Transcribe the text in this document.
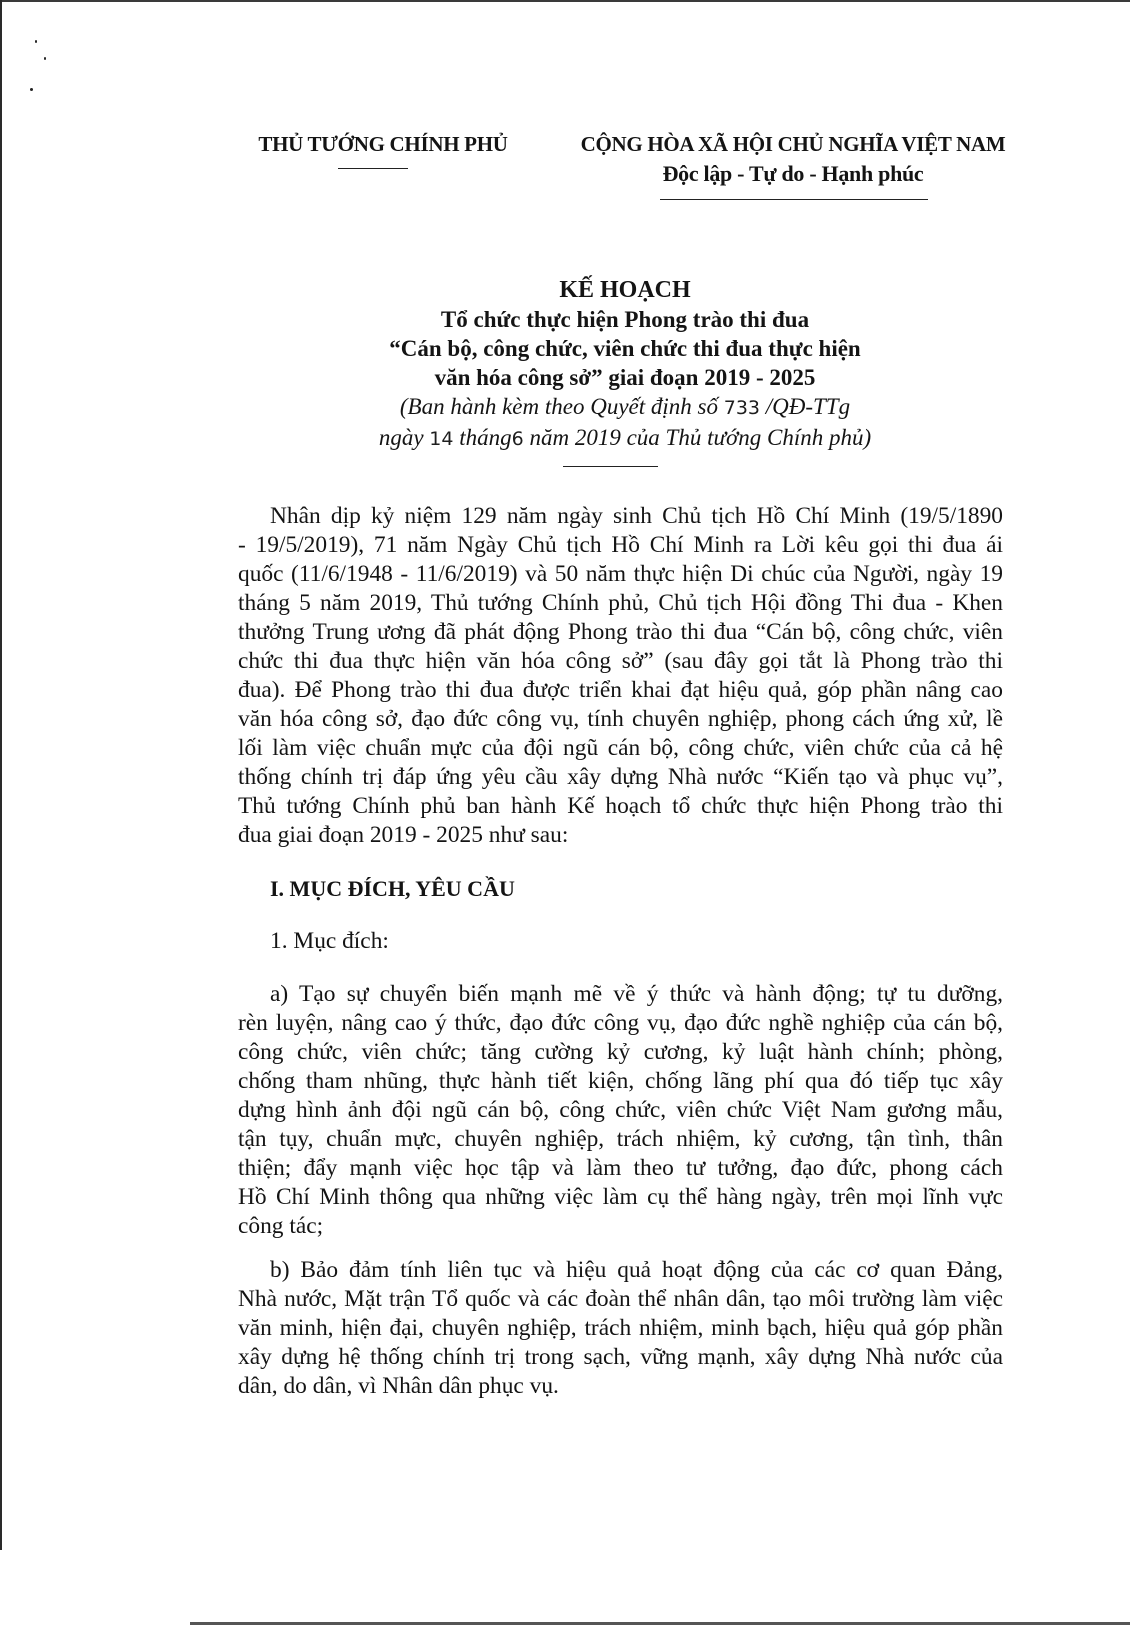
THỦ TƯỚNG CHÍNH PHỦ	CỘNG HÒA XÃ HỘI CHỦ NGHĨA VIỆT NAM
Độc lập - Tự do - Hạnh phúc
KẾ HOẠCH
Tổ chức thực hiện Phong trào thi đua
“Cán bộ, công chức, viên chức thi đua thực hiện
văn hóa công sở” giai đoạn 2019 - 2025
(Ban hành kèm theo Quyết định số 733 /QĐ-TTg
ngày 14 tháng6 năm 2019 của Thủ tướng Chính phủ)
Nhân dịp kỷ niệm 129 năm ngày sinh Chủ tịch Hồ Chí Minh (19/5/1890
- 19/5/2019), 71 năm Ngày Chủ tịch Hồ Chí Minh ra Lời kêu gọi thi đua ái
quốc (11/6/1948 - 11/6/2019) và 50 năm thực hiện Di chúc của Người, ngày 19
tháng 5 năm 2019, Thủ tướng Chính phủ, Chủ tịch Hội đồng Thi đua - Khen
thưởng Trung ương đã phát động Phong trào thi đua “Cán bộ, công chức, viên
chức thi đua thực hiện văn hóa công sở” (sau đây gọi tắt là Phong trào thi
đua). Để Phong trào thi đua được triển khai đạt hiệu quả, góp phần nâng cao
văn hóa công sở, đạo đức công vụ, tính chuyên nghiệp, phong cách ứng xử, lề
lối làm việc chuẩn mực của đội ngũ cán bộ, công chức, viên chức của cả hệ
thống chính trị đáp ứng yêu cầu xây dựng Nhà nước “Kiến tạo và phục vụ”,
Thủ tướng Chính phủ ban hành Kế hoạch tổ chức thực hiện Phong trào thi
đua giai đoạn 2019 - 2025 như sau:
I. MỤC ĐÍCH, YÊU CẦU
1. Mục đích:
a) Tạo sự chuyển biến mạnh mẽ về ý thức và hành động; tự tu dưỡng,
rèn luyện, nâng cao ý thức, đạo đức công vụ, đạo đức nghề nghiệp của cán bộ,
công chức, viên chức; tăng cường kỷ cương, kỷ luật hành chính; phòng,
chống tham nhũng, thực hành tiết kiện, chống lãng phí qua đó tiếp tục xây
dựng hình ảnh đội ngũ cán bộ, công chức, viên chức Việt Nam gương mẫu,
tận tụy, chuẩn mực, chuyên nghiệp, trách nhiệm, kỷ cương, tận tình, thân
thiện; đẩy mạnh việc học tập và làm theo tư tưởng, đạo đức, phong cách
Hồ Chí Minh thông qua những việc làm cụ thể hàng ngày, trên mọi lĩnh vực
công tác;
b) Bảo đảm tính liên tục và hiệu quả hoạt động của các cơ quan Đảng,
Nhà nước, Mặt trận Tổ quốc và các đoàn thể nhân dân, tạo môi trường làm việc
văn minh, hiện đại, chuyên nghiệp, trách nhiệm, minh bạch, hiệu quả góp phần
xây dựng hệ thống chính trị trong sạch, vững mạnh, xây dựng Nhà nước của
dân, do dân, vì Nhân dân phục vụ.
